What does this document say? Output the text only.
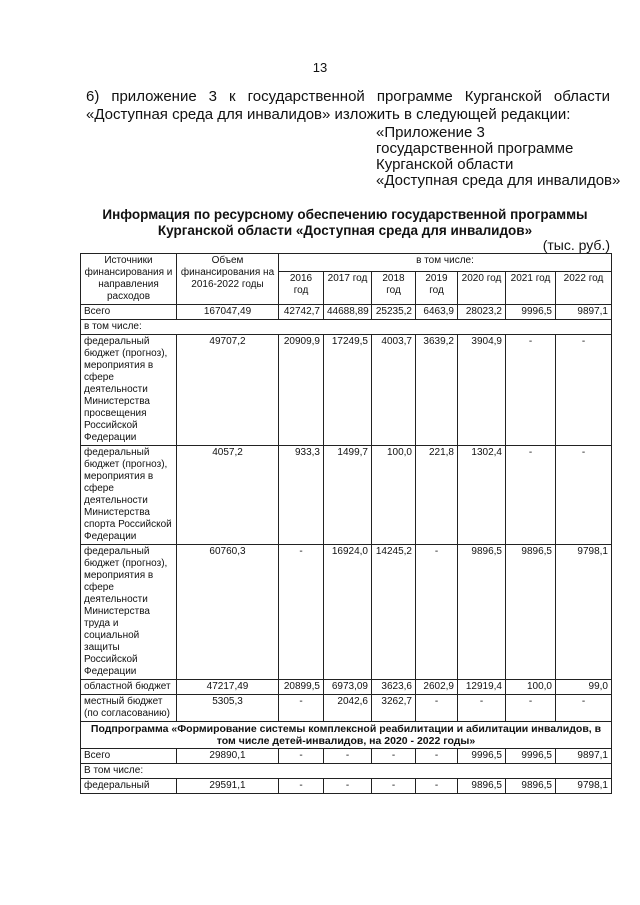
13
6) приложение 3 к государственной программе Курганской области
«Доступная среда для инвалидов» изложить в следующей редакции:
«Приложение 3
государственной программе
Курганской области
«Доступная среда для инвалидов»
Информация по ресурсному обеспечению государственной программы
Курганской области «Доступная среда для инвалидов»
(тыс. руб.)
Источники финансирования и направления расходов	Объем финансирования на 2016-2022 годы	в том числе:						
		2016 год	2017 год	2018 год	2019 год	2020 год	2021 год	2022 год
Всего	167047,49	42742,7	44688,89	25235,2	6463,9	28023,2	9996,5	9897,1
в том числе:								
федеральный бюджет (прогноз), мероприятия в сфере деятельности Министерства просвещения Российской Федерации	49707,2	20909,9	17249,5	4003,7	3639,2	3904,9	-	-
федеральный бюджет (прогноз), мероприятия в сфере деятельности Министерства спорта Российской Федерации	4057,2	933,3	1499,7	100,0	221,8	1302,4	-	-
федеральный бюджет (прогноз), мероприятия в сфере деятельности Министерства труда и социальной защиты Российской Федерации	60760,3	-	16924,0	14245,2	-	9896,5	9896,5	9798,1
областной бюджет	47217,49	20899,5	6973,09	3623,6	2602,9	12919,4	100,0	99,0
местный бюджет (по согласованию)	5305,3	-	2042,6	3262,7	-	-	-	-
Подпрограмма «Формирование системы комплексной реабилитации и абилитации инвалидов, в том числе детей-инвалидов, на 2020 - 2022 годы»								
Всего	29890,1	-	-	-	-	9996,5	9996,5	9897,1
В том числе:								
федеральный	29591,1	-	-	-	-	9896,5	9896,5	9798,1
